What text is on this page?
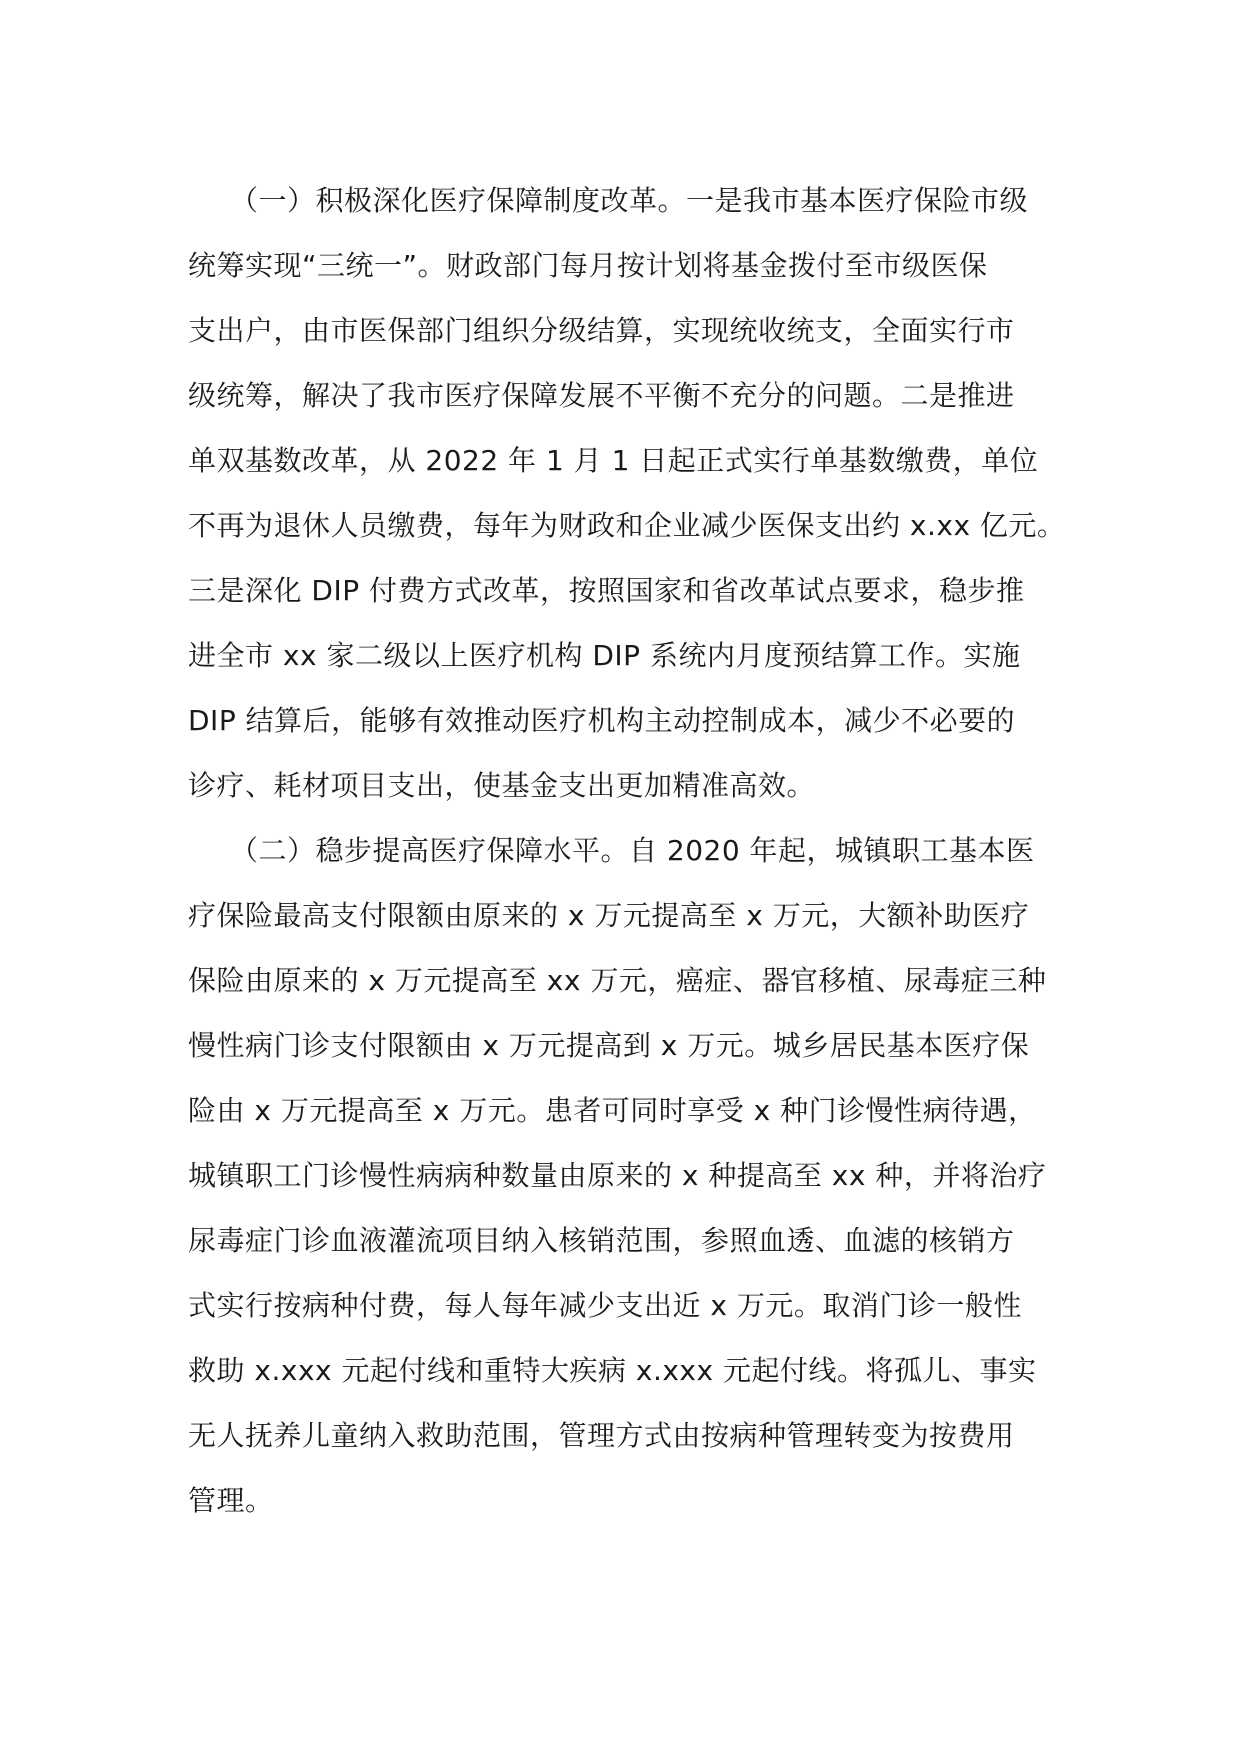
（一）积极深化医疗保障制度改革。一是我市基本医疗保险市级
统筹实现“三统一”。财政部门每月按计划将基金拨付至市级医保
支出户，由市医保部门组织分级结算，实现统收统支，全面实行市
级统筹，解决了我市医疗保障发展不平衡不充分的问题。二是推进
单双基数改革，从 2022 年 1 月 1 日起正式实行单基数缴费，单位
不再为退休人员缴费，每年为财政和企业减少医保支出约 x.xx 亿元。
三是深化 DIP 付费方式改革，按照国家和省改革试点要求，稳步推
进全市 xx 家二级以上医疗机构 DIP 系统内月度预结算工作。实施
DIP 结算后，能够有效推动医疗机构主动控制成本，减少不必要的
诊疗、耗材项目支出，使基金支出更加精准高效。

（二）稳步提高医疗保障水平。自 2020 年起，城镇职工基本医
疗保险最高支付限额由原来的 x 万元提高至 x 万元，大额补助医疗
保险由原来的 x 万元提高至 xx 万元，癌症、器官移植、尿毒症三种
慢性病门诊支付限额由 x 万元提高到 x 万元。城乡居民基本医疗保
险由 x 万元提高至 x 万元。患者可同时享受 x 种门诊慢性病待遇，
城镇职工门诊慢性病病种数量由原来的 x 种提高至 xx 种，并将治疗
尿毒症门诊血液灌流项目纳入核销范围，参照血透、血滤的核销方
式实行按病种付费，每人每年减少支出近 x 万元。取消门诊一般性
救助 x.xxx 元起付线和重特大疾病 x.xxx 元起付线。将孤儿、事实
无人抚养儿童纳入救助范围，管理方式由按病种管理转变为按费用
管理。
